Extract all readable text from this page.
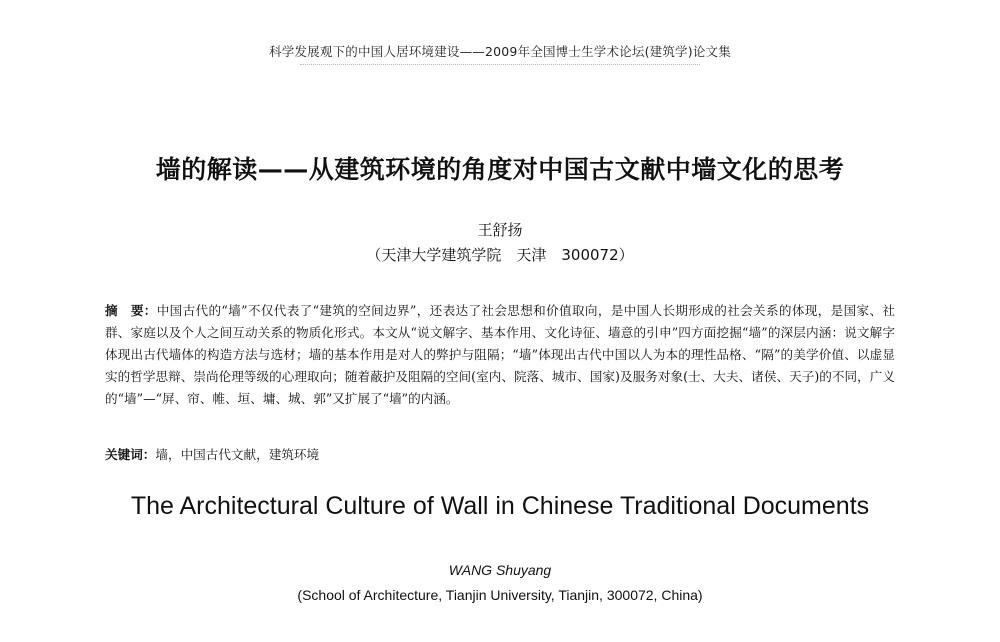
科学发展观下的中国人居环境建设——2009年全国博士生学术论坛(建筑学)论文集
墙的解读——从建筑环境的角度对中国古文献中墙文化的思考
王舒扬
（天津大学建筑学院　天津　300072）
摘　要：中国古代的“墙”不仅代表了“建筑的空间边界”，还表达了社会思想和价值取向，是中国人长期形成的社会关系的体现，是国家、社群、家庭以及个人之间互动关系的物质化形式。本文从“说文解字、基本作用、文化诗征、墙意的引申”四方面挖掘“墙”的深层内涵：说文解字体现出古代墙体的构造方法与选材；墙的基本作用是对人的弊护与阻隔；“墙”体现出古代中国以人为本的理性品格、“隔”的美学价值、以虚显实的哲学思辩、崇尚伦理等级的心理取向；随着蔽护及阻隔的空间(室内、院落、城市、国家)及服务对象(士、大夫、诸侯、天子)的不同，广义的“墙”—“屏、帘、帷、垣、墉、城、郭”又扩展了“墙”的内涵。
关键词：墙，中国古代文献，建筑环境
The Architectural Culture of Wall in Chinese Traditional Documents
WANG Shuyang
(School of Architecture, Tianjin University, Tianjin, 300072, China)
